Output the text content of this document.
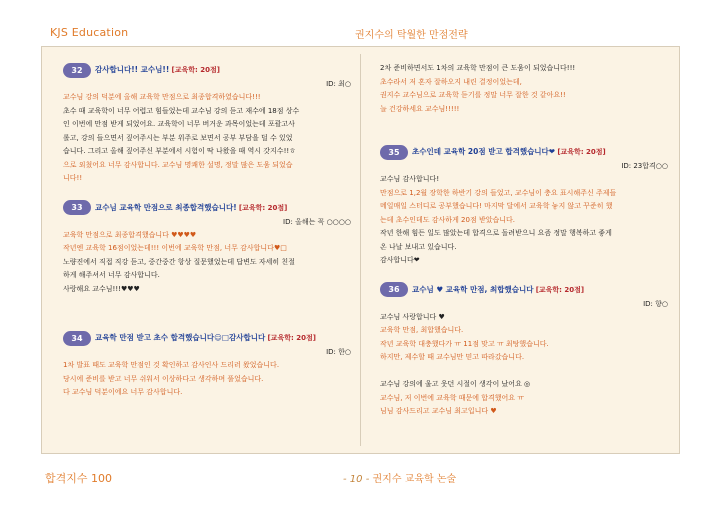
KJS Education	권지수의 탁월한 만점전략
32 감사합니다!! 교수님!! [교육학: 20점]
ID: 최○

교수님 강의 덕분에 올해 교육학 만점으로 최종합격하였습니다!!!

초수 때 교육학이 너무 어렵고 힘들었는데 교수님 강의 듣고 재수에 18점 상수

인 이번에 만점 받게 되었어요. 교육학이 너무 버거운 과목이었는데 포괄고사

롤고, 강의 들으면서 짚어주시는 부분 위주로 보면서 공부 부담을 덜 수 있었

습니다. 그리고 올해 짚어주신 부분에서 시험이 딱 나왔을 때 역시 갓지수!!ㅎ

으로 외쳤어요 너무 감사합니다. 교수님 명쾌한 설명, 정말 많은 도움 되었습

니다!!

33 교수님 교육학 만점으로 최종합격했습니다! [교육학: 20점]
ID: 올해는 꼭 ○○○○

교육학 만점으로 최종합격했습니다 ♥♥♥♥

작년엔 교육학 16점이었는데!!! 이번에 교육학 만점, 너무 감사합니다♥□

노량진에서 직접 직강 듣고, 중간중간 항상 질문했었는데 답변도 자세히 친절

하게 해주셔서 너무 감사합니다.

사랑해요 교수님!!!♥♥♥

34 교육학 만점 받고 초수 합격했습니다☺□감사합니다 [교육학: 20점]
ID: 한○

1차 발표 때도 교육학 만점인 것 확인하고 감사인사 드리러 왔었습니다.

당시에 준비를 받고 너무 쉬워서 이상하다고 생각하며 풀었습니다.

다 교수님 덕분이에요 너무 감사합니다.

2차 준비하면서도 1차의 교육학 만점이 큰 도움이 되었습니다!!!

초수라서 저 혼자 잘하오지 내린 결정이었는데,

권지수 교수님으로 교육학 듣기를 정말 너무 잘한 것 같아요!!

늘 건강하세요 교수님!!!!!

35 초수인데 교육학 20점 받고 합격했습니다❤ [교육학: 20점]
ID: 23합격○○

교수님 감사합니다!

만점으로 1,2월 장학한 하반기 강의 들었고, 교수님이 충요 표시해주신 주제들

메일매일 스터디로 공부했습니다! 마지막 달에서 교육학 놓지 않고 꾸준히 했

는데 초수인데도 감사하게 20점 받았습니다.

작년 한해 힘든 일도 많았는데 합격으로 돌려받으니 요즘 정말 행복하고 좋게

온 나날 보내고 있습니다.

감사합니다❤

36 교수님 ♥ 교육학 만점, 최합했습니다 [교육학: 20점]
ID: 향○

교수님 사랑합니다 ♥

교육학 만점, 최합했습니다.

작년 교육학 대충했다가 ㅠ 11점 맞고 ㅠ 최탕했습니다.

하지만, 제수할 때 교수님만 믿고 따라갔습니다.

교수님 강의에 울고 웃던 시절이 생각이 났어요 ◎

교수님, 저 이번에 교육학 때문에 합격했어요 ㅠ

님님 감사드리고 교수님 최고입니다 ♥

합격지수 100	- 10 - 권지수 교육학 논술
